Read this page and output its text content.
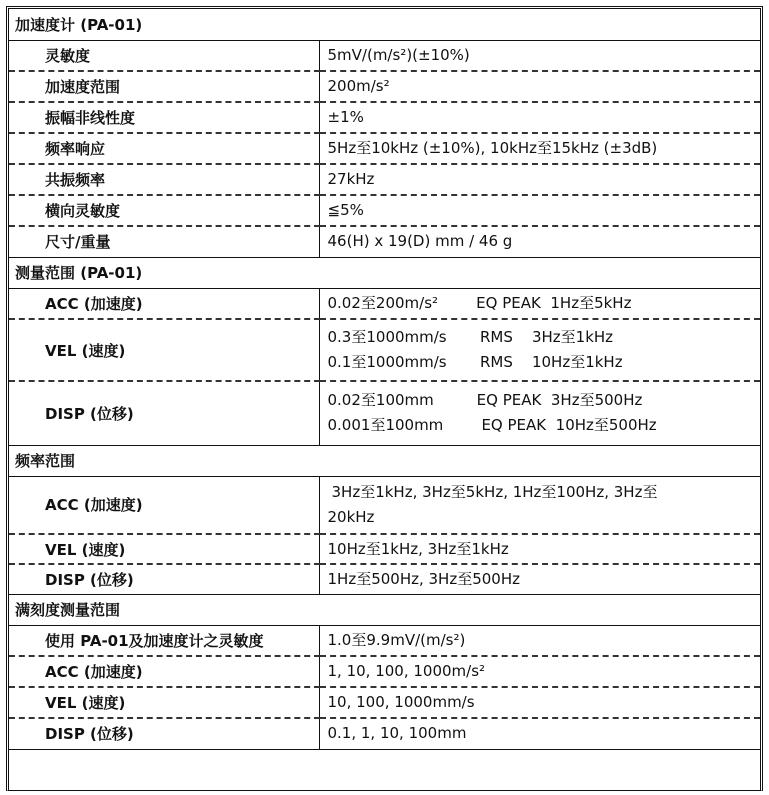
加速度计 (PA-01)	
灵敏度	5mV/(m/s²)(±10%)
加速度范围	200m/s²
振幅非线性度	±1%
频率响应	5Hz至10kHz (±10%), 10kHz至15kHz (±3dB)
共振频率	27kHz
横向灵敏度	≦5%
尺寸/重量	46(H) x 19(D) mm / 46 g
测量范围 (PA-01)	
ACC (加速度)	0.02至200m/s²        EQ PEAK  1Hz至5kHz

VEL (速度)	0.3至1000mm/s       RMS    3Hz至1kHz
0.1至1000mm/s       RMS    10Hz至1kHz

DISP (位移)	0.02至100mm         EQ PEAK  3Hz至500Hz
0.001至100mm        EQ PEAK  10Hz至500Hz

频率范围	
ACC (加速度)	3Hz至1kHz, 3Hz至5kHz, 1Hz至100Hz, 3Hz至
20kHz

VEL (速度)	10Hz至1kHz, 3Hz至1kHz
DISP (位移)	1Hz至500Hz, 3Hz至500Hz
满刻度测量范围	
使用 PA-01及加速度计之灵敏度	1.0至9.9mV/(m/s²)
ACC (加速度)	1, 10, 100, 1000m/s²
VEL (速度)	10, 100, 1000mm/s
DISP (位移)	0.1, 1, 10, 100mm
